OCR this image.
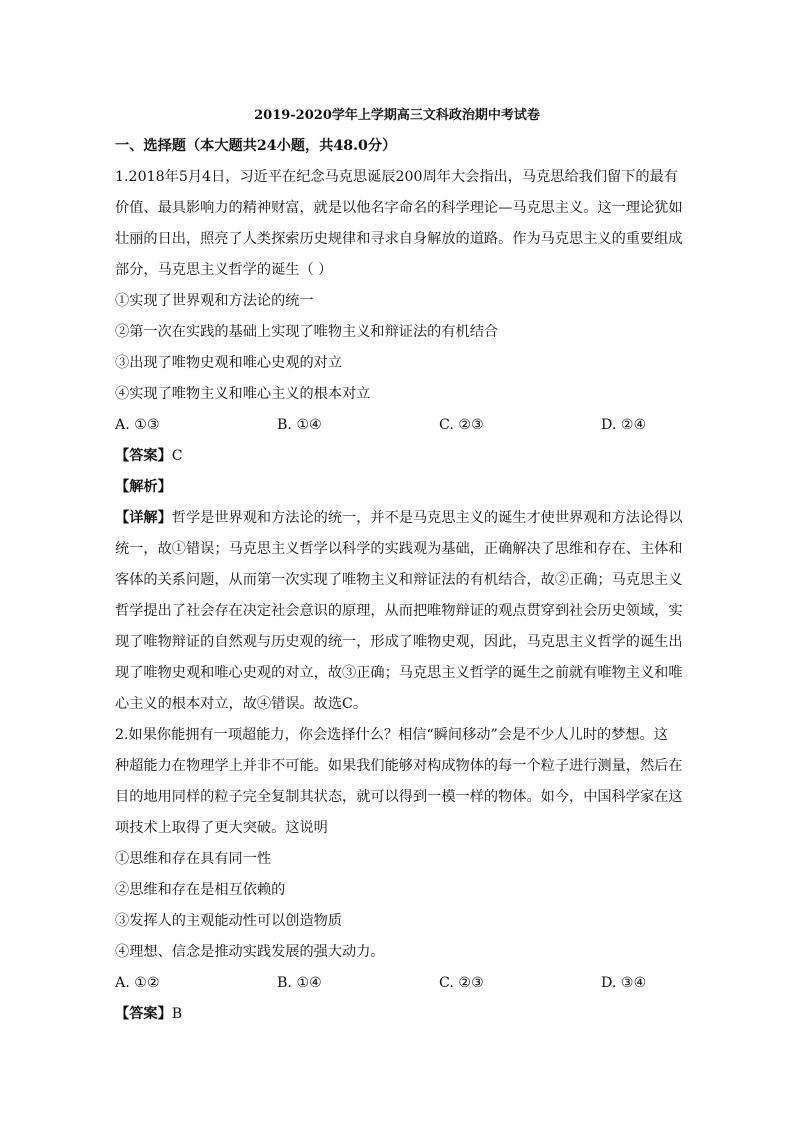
2019-2020学年上学期高三文科政治期中考试卷
一、选择题（本大题共24小题，共48.0分）
1.2018年5月4日，习近平在纪念马克思诞辰200周年大会指出，马克思给我们留下的最有
价值、最具影响力的精神财富，就是以他名字命名的科学理论—马克思主义。这一理论犹如
壮丽的日出，照亮了人类探索历史规律和寻求自身解放的道路。作为马克思主义的重要组成
部分，马克思主义哲学的诞生（ ）
①实现了世界观和方法论的统一
②第一次在实践的基础上实现了唯物主义和辩证法的有机结合
③出现了唯物史观和唯心史观的对立
④实现了唯物主义和唯心主义的根本对立
A. ①③	B. ①④	C. ②③	D. ②④
【答案】C
【解析】
【详解】哲学是世界观和方法论的统一，并不是马克思主义的诞生才使世界观和方法论得以
统一，故①错误；马克思主义哲学以科学的实践观为基础，正确解决了思维和存在、主体和
客体的关系问题，从而第一次实现了唯物主义和辩证法的有机结合，故②正确；马克思主义
哲学提出了社会存在决定社会意识的原理，从而把唯物辩证的观点贯穿到社会历史领域，实
现了唯物辩证的自然观与历史观的统一，形成了唯物史观，因此，马克思主义哲学的诞生出
现了唯物史观和唯心史观的对立，故③正确；马克思主义哲学的诞生之前就有唯物主义和唯
心主义的根本对立，故④错误。故选C。
2.如果你能拥有一项超能力，你会选择什么？相信“瞬间移动”会是不少人儿时的梦想。这
种超能力在物理学上并非不可能。如果我们能够对构成物体的每一个粒子进行测量，然后在
目的地用同样的粒子完全复制其状态，就可以得到一模一样的物体。如今，中国科学家在这
项技术上取得了更大突破。这说明
①思维和存在具有同一性
②思维和存在是相互依赖的
③发挥人的主观能动性可以创造物质
④理想、信念是推动实践发展的强大动力。
A. ①②	B. ①④	C. ②③	D. ③④
【答案】B
